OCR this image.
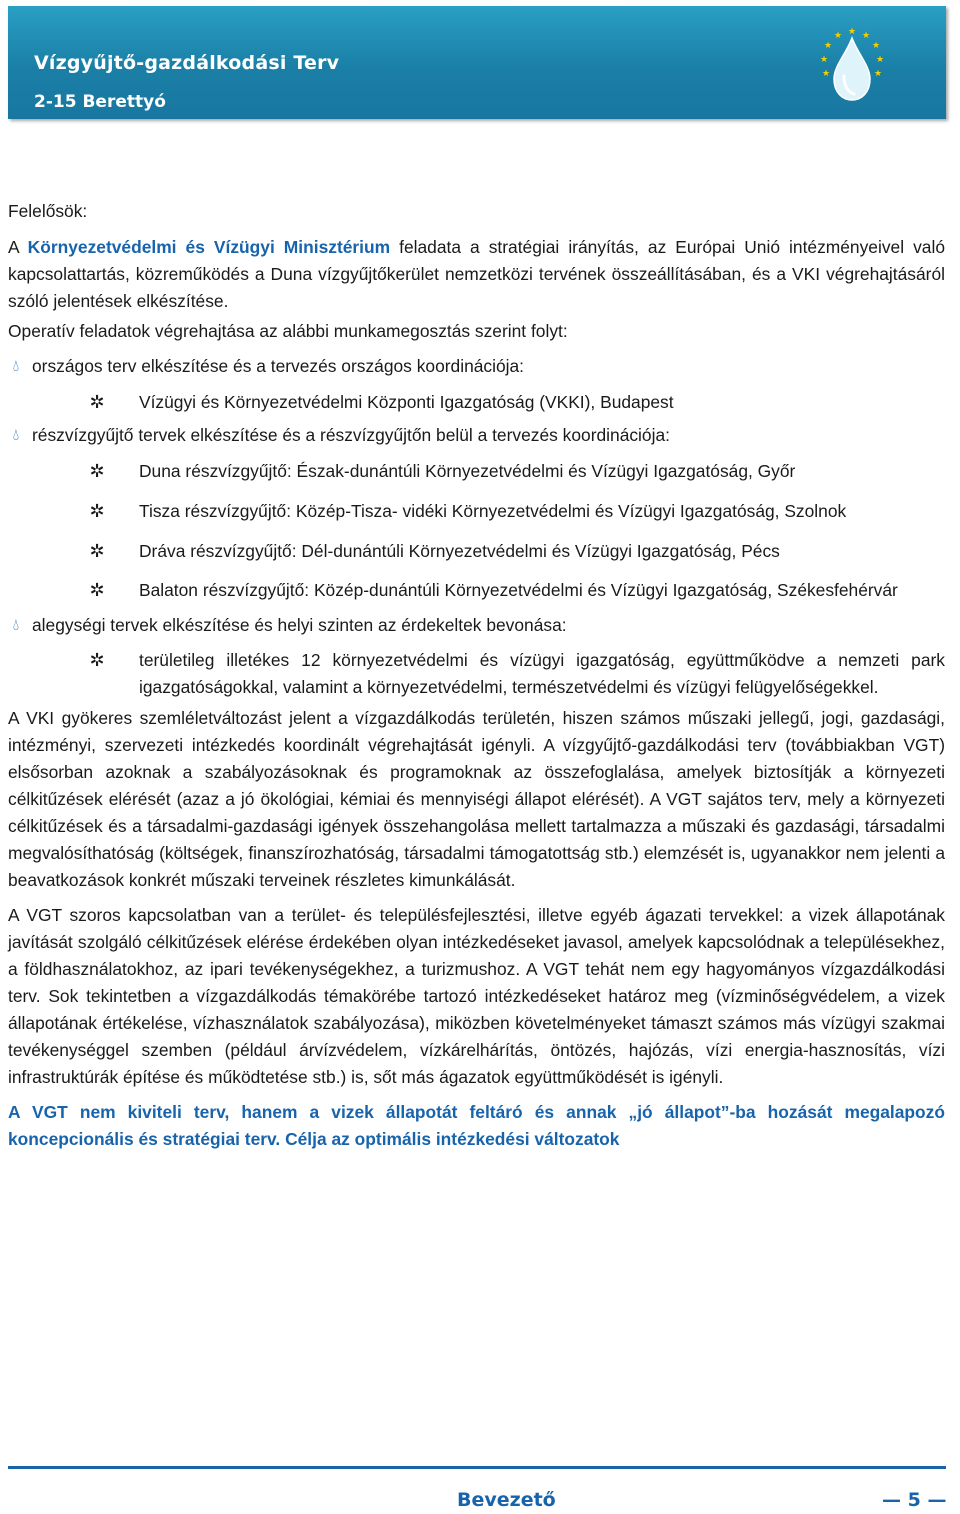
Vízgyűjtő-gazdálkodási Terv
2-15 Berettyó
★ ★
★
★
★
★
★
★
★

Felelősök:

A Környezetvédelmi és Vízügyi Minisztérium feladata a stratégiai irányítás, az Európai Unió intézményeivel való kapcsolattartás, közreműködés a Duna vízgyűjtőkerület nemzetközi tervének összeállításában, és a VKI végrehajtásáról szóló jelentések elkészítése.

Operatív feladatok végrehajtása az alábbi munkamegosztás szerint folyt:

💧︎ országos terv elkészítése és a tervezés országos koordinációja:
✲ Vízügyi és Környezetvédelmi Központi Igazgatóság (VKKI), Budapest
💧︎ részvízgyűjtő tervek elkészítése és a részvízgyűjtőn belül a tervezés koordinációja:
✲ Duna részvízgyűjtő: Észak-dunántúli Környezetvédelmi és Vízügyi Igazgatóság, Győr
✲ Tisza részvízgyűjtő: Közép-Tisza- vidéki Környezetvédelmi és Vízügyi Igazgatóság, Szolnok
✲ Dráva részvízgyűjtő: Dél-dunántúli Környezetvédelmi és Vízügyi Igazgatóság, Pécs
✲ Balaton részvízgyűjtő: Közép-dunántúli Környezetvédelmi és Vízügyi Igazgatóság, Székesfehérvár
💧︎ alegységi tervek elkészítése és helyi szinten az érdekeltek bevonása:
✲ területileg illetékes 12 környezetvédelmi és vízügyi igazgatóság, együttműködve a nemzeti park igazgatóságokkal, valamint a környezetvédelmi, természetvédelmi és vízügyi felügyelőségekkel.

A VKI gyökeres szemléletváltozást jelent a vízgazdálkodás területén, hiszen számos műszaki jellegű, jogi, gazdasági, intézményi, szervezeti intézkedés koordinált végrehajtását igényli. A vízgyűjtő-gazdálkodási terv (továbbiakban VGT) elsősorban azoknak a szabályozásoknak és programoknak az összefoglalása, amelyek biztosítják a környezeti célkitűzések elérését (azaz a jó ökológiai, kémiai és mennyiségi állapot elérését). A VGT sajátos terv, mely a környezeti célkitűzések és a társadalmi-gazdasági igények összehangolása mellett tartalmazza a műszaki és gazdasági, társadalmi megvalósíthatóság (költségek, finanszírozhatóság, társadalmi támogatottság stb.) elemzését is, ugyanakkor nem jelenti a beavatkozások konkrét műszaki terveinek részletes kimunkálását.

A VGT szoros kapcsolatban van a terület- és településfejlesztési, illetve egyéb ágazati tervekkel: a vizek állapotának javítását szolgáló célkitűzések elérése érdekében olyan intézkedéseket javasol, amelyek kapcsolódnak a településekhez, a földhasználatokhoz, az ipari tevékenységekhez, a turizmushoz. A VGT tehát nem egy hagyományos vízgazdálkodási terv. Sok tekintetben a vízgazdálkodás témakörébe tartozó intézkedéseket határoz meg (vízminőségvédelem, a vizek állapotának értékelése, vízhasználatok szabályozása), miközben követelményeket támaszt számos más vízügyi szakmai tevékenységgel szemben (például árvízvédelem, vízkárelhárítás, öntözés, hajózás, vízi energia-hasznosítás, vízi infrastruktúrák építése és működtetése stb.) is, sőt más ágazatok együttműködését is igényli.

A VGT nem kiviteli terv, hanem a vizek állapotát feltáró és annak „jó állapot”-ba hozását megalapozó koncepcionális és stratégiai terv. Célja az optimális intézkedési változatok

Bevezető	— 5 —
